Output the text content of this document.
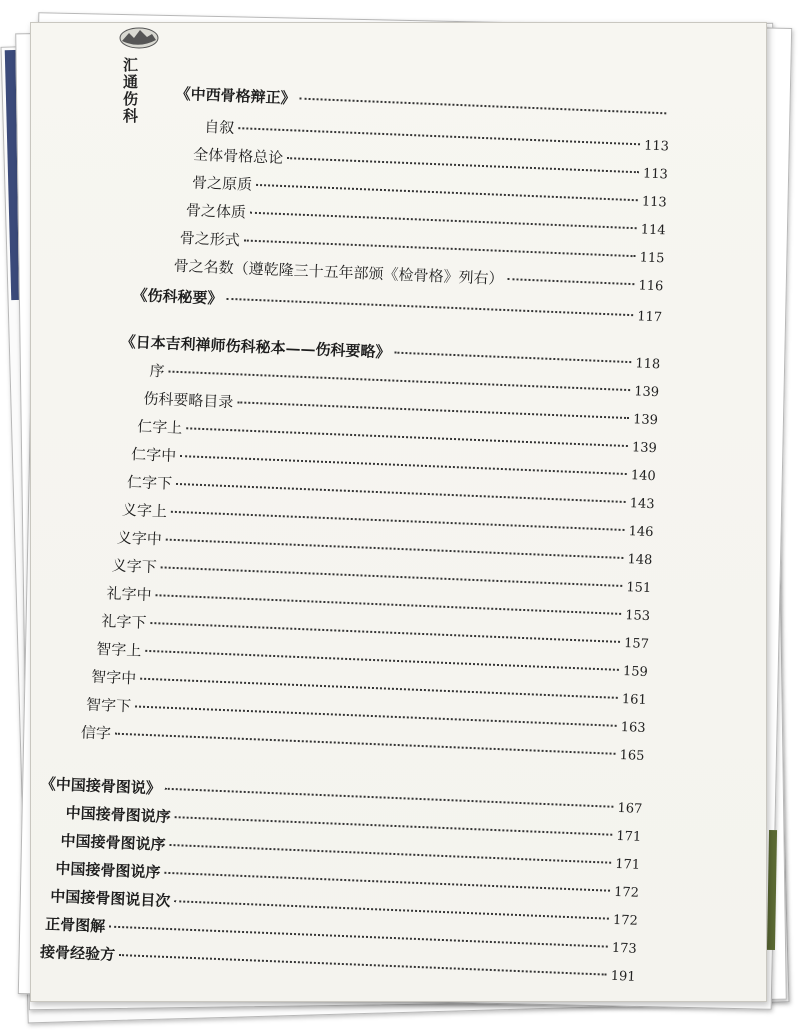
汇通伤科 《中西骨格辩正》
自叙
113
全体骨格总论
113
骨之原质
113
骨之体质
114
骨之形式
115
骨之名数（遵乾隆三十五年部颁《检骨格》列右）	116
《伤科秘要》
117
《日本吉利禅师伤科秘本——伤科要略》
118
序
139
伤科要略目录
139
仁字上
139
仁字中
140
仁字下
143
义字上
146
义字中
148
义字下
151
礼字中
153
礼字下
157
智字上
159
智字中
161
智字下
163
信字
165
《中国接骨图说》
167
中国接骨图说序
171
中国接骨图说序
171
中国接骨图说序
172
中国接骨图说目次
172
正骨图解
173
接骨经验方
191
